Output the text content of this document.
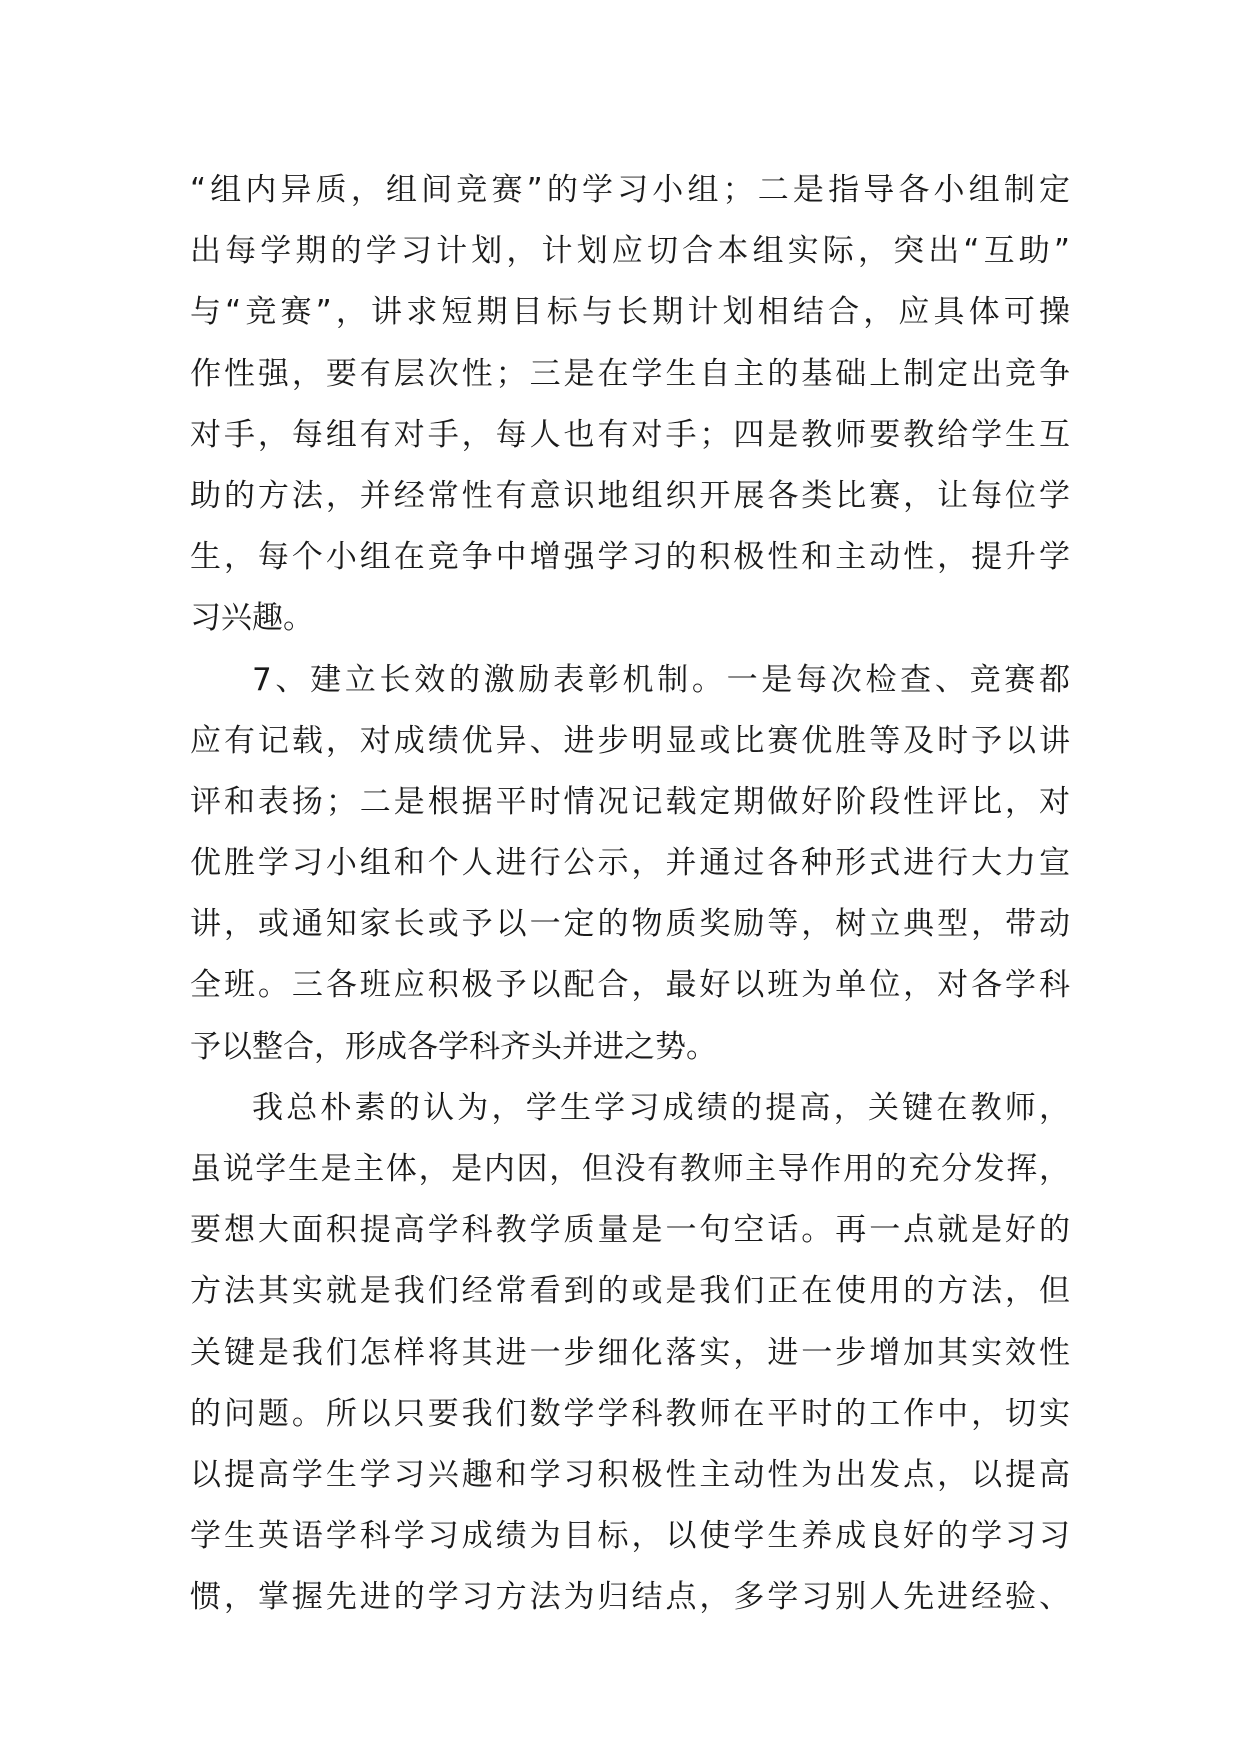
“组内异质，组间竞赛”的学习小组；二是指导各小组制定
出每学期的学习计划，计划应切合本组实际，突出“互助”
与“竞赛”，讲求短期目标与长期计划相结合，应具体可操
作性强，要有层次性；三是在学生自主的基础上制定出竞争
对手，每组有对手，每人也有对手；四是教师要教给学生互
助的方法，并经常性有意识地组织开展各类比赛，让每位学
生，每个小组在竞争中增强学习的积极性和主动性，提升学
习兴趣。
7、建立长效的激励表彰机制。一是每次检查、竞赛都
应有记载，对成绩优异、进步明显或比赛优胜等及时予以讲
评和表扬；二是根据平时情况记载定期做好阶段性评比，对
优胜学习小组和个人进行公示，并通过各种形式进行大力宣
讲，或通知家长或予以一定的物质奖励等，树立典型，带动
全班。三各班应积极予以配合，最好以班为单位，对各学科
予以整合，形成各学科齐头并进之势。
我总朴素的认为，学生学习成绩的提高，关键在教师，
虽说学生是主体，是内因，但没有教师主导作用的充分发挥，
要想大面积提高学科教学质量是一句空话。再一点就是好的
方法其实就是我们经常看到的或是我们正在使用的方法，但
关键是我们怎样将其进一步细化落实，进一步增加其实效性
的问题。所以只要我们数学学科教师在平时的工作中，切实
以提高学生学习兴趣和学习积极性主动性为出发点，以提高
学生英语学科学习成绩为目标，以使学生养成良好的学习习
惯，掌握先进的学习方法为归结点，多学习别人先进经验、
